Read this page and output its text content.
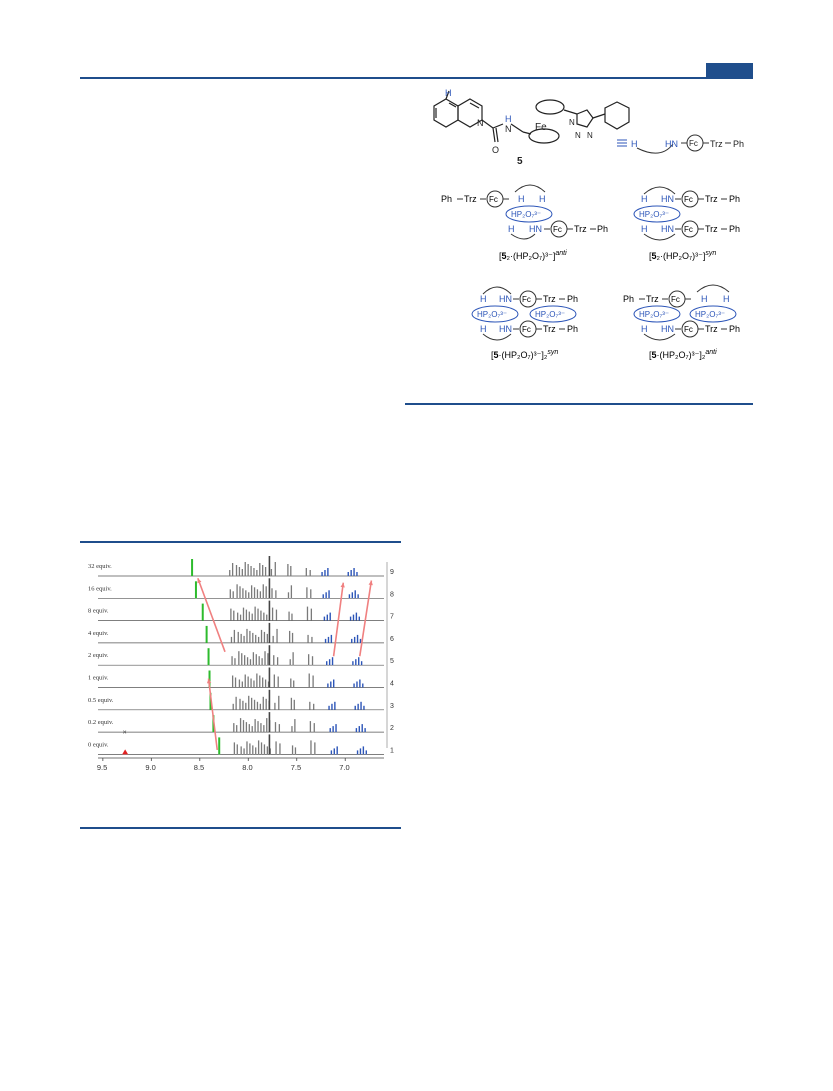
H
N
N
H
O
Fe	N
N N
5
H	HN Fc Trz Ph
Ph Trz Fc H H
HP₂O₇³⁻
H HN Fc Trz Ph
$[5_2\cdot(HP_2O_7)^{3-}]^{anti}$
H HN Fc Trz Ph
HP₂O₇³⁻
H HN Fc Trz Ph
$[5_2\cdot(HP_2O_7)^{3-}]^{syn}$
H HN Fc Trz Ph
HP₂O₇³⁻	HP₂O₇³⁻
H HN Fc Trz Ph
[5·(HP₂O₇)³⁻]₂$^{syn}$
Ph Trz Fc H H
HP₂O₇³⁻	HP₂O₇³⁻
H HN Fc Trz Ph
[5·(HP₂O₇)³⁻]₂$^{anti}$
32 equiv.
9
16 equiv.
8
8 equiv.
7
4 equiv.
6
2 equiv.
5
1 equiv.
4
0.5 equiv.
3
0.2 equiv.
2
0 equiv.
1
×
9.5	9.0	8.5	8.0	7.5	7.0
